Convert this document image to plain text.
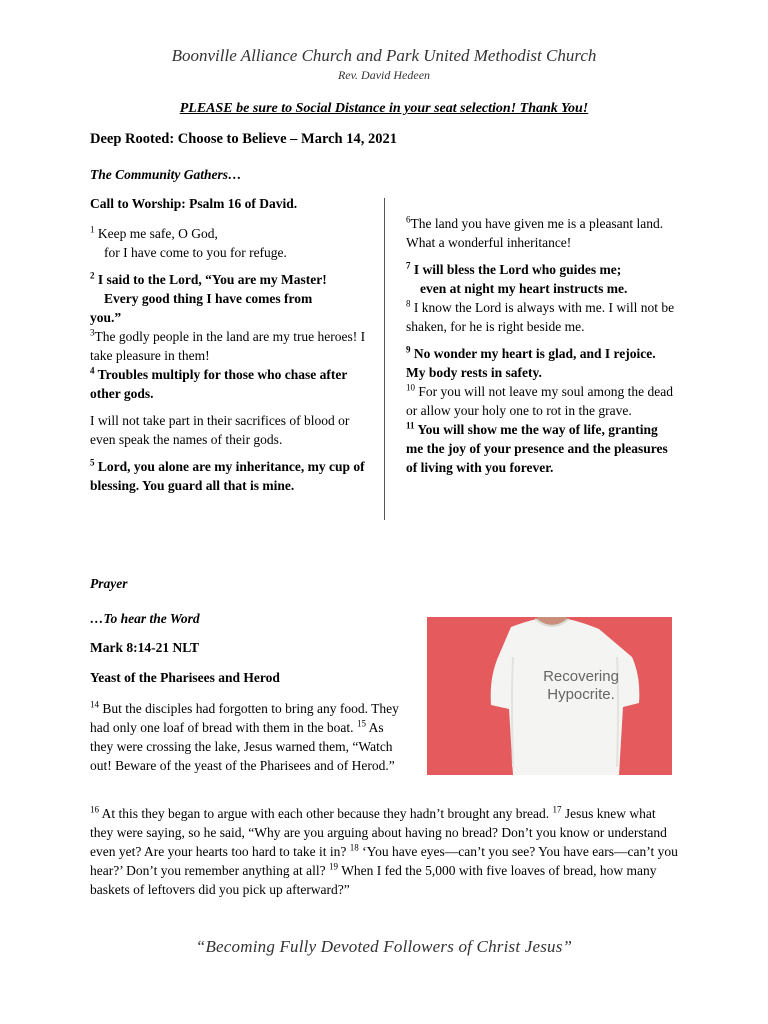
Boonville Alliance Church and Park United Methodist Church
Rev. David Hedeen
PLEASE be sure to Social Distance in your seat selection! Thank You!
Deep Rooted: Choose to Believe – March 14, 2021
The Community Gathers…
Call to Worship: Psalm 16 of David.

$^1$ Keep me safe, O God,

for I have come to you for refuge.

$^2$ I said to the Lord, “You are my Master!

Every good thing I have comes from

you.”

$^3$The godly people in the land are my true heroes! I take pleasure in them!

$^4$ Troubles multiply for those who chase after other gods.

I will not take part in their sacrifices of blood or even speak the names of their gods.

$^5$ Lord, you alone are my inheritance, my cup of blessing. You guard all that is mine.

$^6$The land you have given me is a pleasant land. What a wonderful inheritance!

$^7$ I will bless the Lord who guides me;

even at night my heart instructs me.

$^8$ I know the Lord is always with me. I will not be shaken, for he is right beside me.

$^9$ No wonder my heart is glad, and I rejoice. My body rests in safety.

$^{10}$ For you will not leave my soul among the dead or allow your holy one to rot in the grave.

$^{11}$ You will show me the way of life, granting me the joy of your presence and the pleasures of living with you forever.

Prayer
…To hear the Word
Mark 8:14-21 NLT
Yeast of the Pharisees and Herod
$^{14}$ But the disciples had forgotten to bring any food. They had only one loaf of bread with them in the boat. $^{15}$ As they were crossing the lake, Jesus warned them, “Watch out! Beware of the yeast of the Pharisees and of Herod.”
Recovering
Hypocrite.
$^{16}$ At this they began to argue with each other because they hadn’t brought any bread. $^{17}$ Jesus knew what they were saying, so he said, “Why are you arguing about having no bread? Don’t you know or understand even yet? Are your hearts too hard to take it in? $^{18}$ ‘You have eyes—can’t you see? You have ears—can’t you hear?’ Don’t you remember anything at all? $^{19}$ When I fed the 5,000 with five loaves of bread, how many baskets of leftovers did you pick up afterward?”
“Becoming Fully Devoted Followers of Christ Jesus”
